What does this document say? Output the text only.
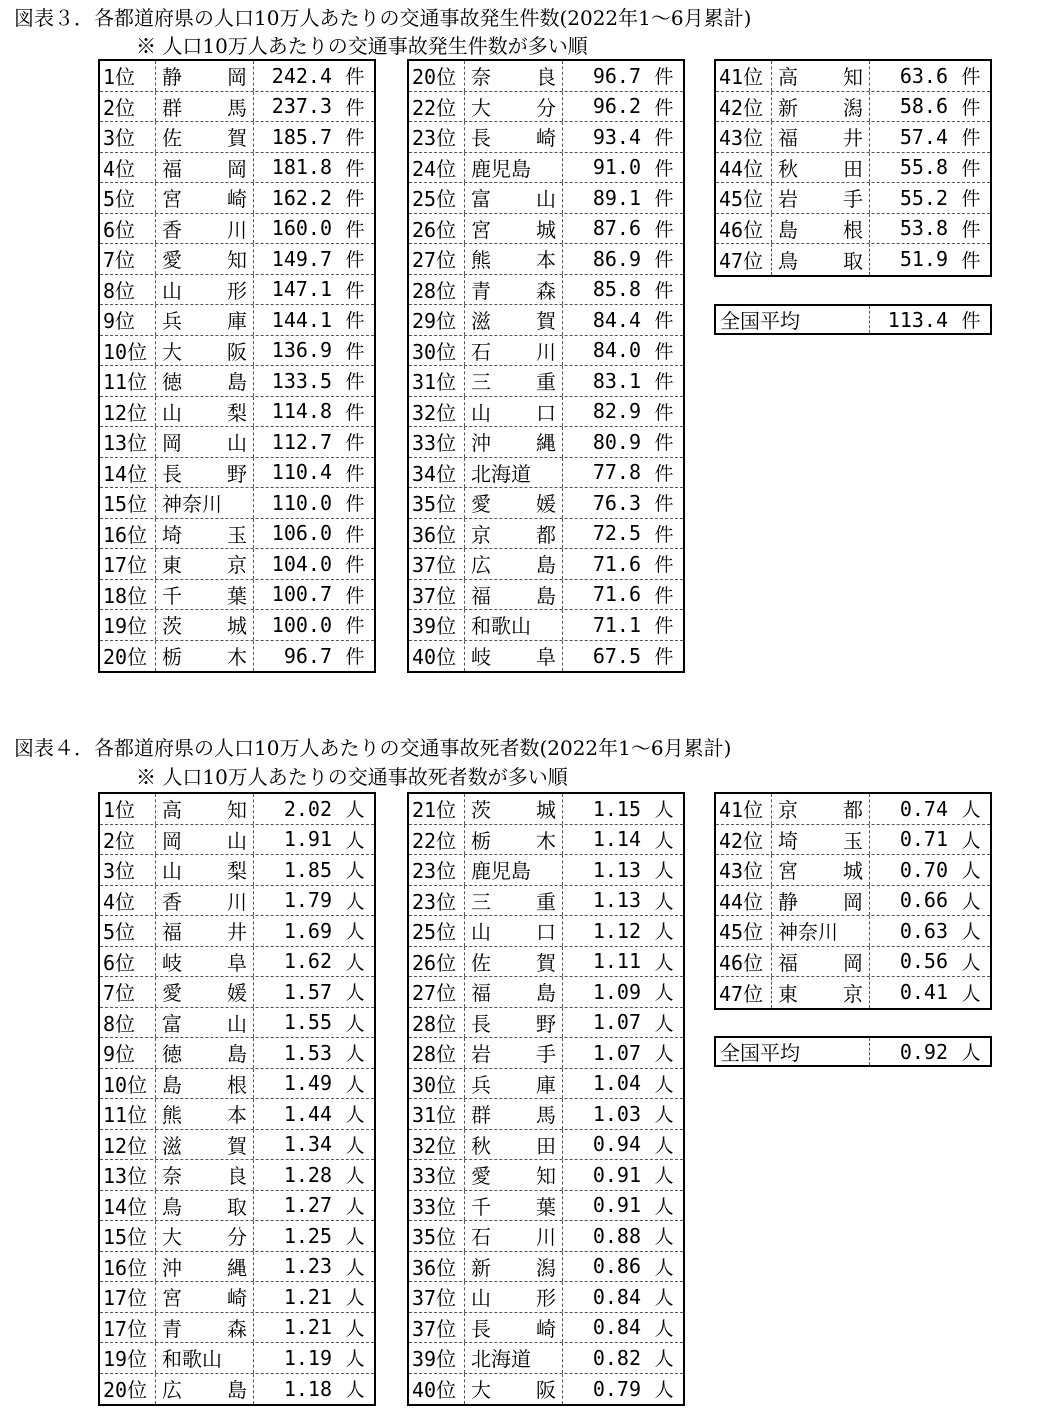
図表３．各都道府県の人口10万人あたりの交通事故発生件数(2022年1～6月累計)
※ 人口10万人あたりの交通事故発生件数が多い順
1位	静 岡	242.4 件
2位	群 馬	237.3 件
3位	佐 賀	185.7 件
4位	福 岡	181.8 件
5位	宮 崎	162.2 件
6位	香 川	160.0 件
7位	愛 知	149.7 件
8位	山 形	147.1 件
9位	兵 庫	144.1 件
10位 大 阪	136.9 件
11位 徳 島	133.5 件
12位 山 梨	114.8 件
13位 岡 山	112.7 件
14位 長 野	110.4 件
15位 神奈川	110.0 件
16位 埼 玉	106.0 件
17位 東 京	104.0 件
18位 千 葉	100.7 件
19位 茨 城	100.0 件
20位 栃 木	96.7 件
20位 奈 良	96.7 件
22位 大 分	96.2 件
23位 長 崎	93.4 件
24位 鹿児島	91.0 件
25位 富 山	89.1 件
26位 宮 城	87.6 件
27位 熊 本	86.9 件
28位 青 森	85.8 件
29位 滋 賀	84.4 件
30位 石 川	84.0 件
31位 三 重	83.1 件
32位 山 口	82.9 件
33位 沖 縄	80.9 件
34位 北海道	77.8 件
35位 愛 媛	76.3 件
36位 京 都	72.5 件
37位 広 島	71.6 件
37位 福 島	71.6 件
39位 和歌山	71.1 件
40位 岐 阜	67.5 件
41位 高 知	63.6 件
42位 新 潟	58.6 件
43位 福 井	57.4 件
44位 秋 田	55.8 件
45位 岩 手	55.2 件
46位 島 根	53.8 件
47位 鳥 取	51.9 件
全国平均	113.4 件
図表４．各都道府県の人口10万人あたりの交通事故死者数(2022年1～6月累計)
※ 人口10万人あたりの交通事故死者数が多い順
1位	高 知	2.02 人
2位	岡 山	1.91 人
3位	山 梨	1.85 人
4位	香 川	1.79 人
5位	福 井	1.69 人
6位	岐 阜	1.62 人
7位	愛 媛	1.57 人
8位	富 山	1.55 人
9位	徳 島	1.53 人
10位 島 根	1.49 人
11位 熊 本	1.44 人
12位 滋 賀	1.34 人
13位 奈 良	1.28 人
14位 鳥 取	1.27 人
15位 大 分	1.25 人
16位 沖 縄	1.23 人
17位 宮 崎	1.21 人
17位 青 森	1.21 人
19位 和歌山	1.19 人
20位 広 島	1.18 人
21位 茨 城	1.15 人
22位 栃 木	1.14 人
23位 鹿児島	1.13 人
23位 三 重	1.13 人
25位 山 口	1.12 人
26位 佐 賀	1.11 人
27位 福 島	1.09 人
28位 長 野	1.07 人
28位 岩 手	1.07 人
30位 兵 庫	1.04 人
31位 群 馬	1.03 人
32位 秋 田	0.94 人
33位 愛 知	0.91 人
33位 千 葉	0.91 人
35位 石 川	0.88 人
36位 新 潟	0.86 人
37位 山 形	0.84 人
37位 長 崎	0.84 人
39位 北海道	0.82 人
40位 大 阪	0.79 人
41位 京 都	0.74 人
42位 埼 玉	0.71 人
43位 宮 城	0.70 人
44位 静 岡	0.66 人
45位 神奈川	0.63 人
46位 福 岡	0.56 人
47位 東 京	0.41 人
全国平均	0.92 人
